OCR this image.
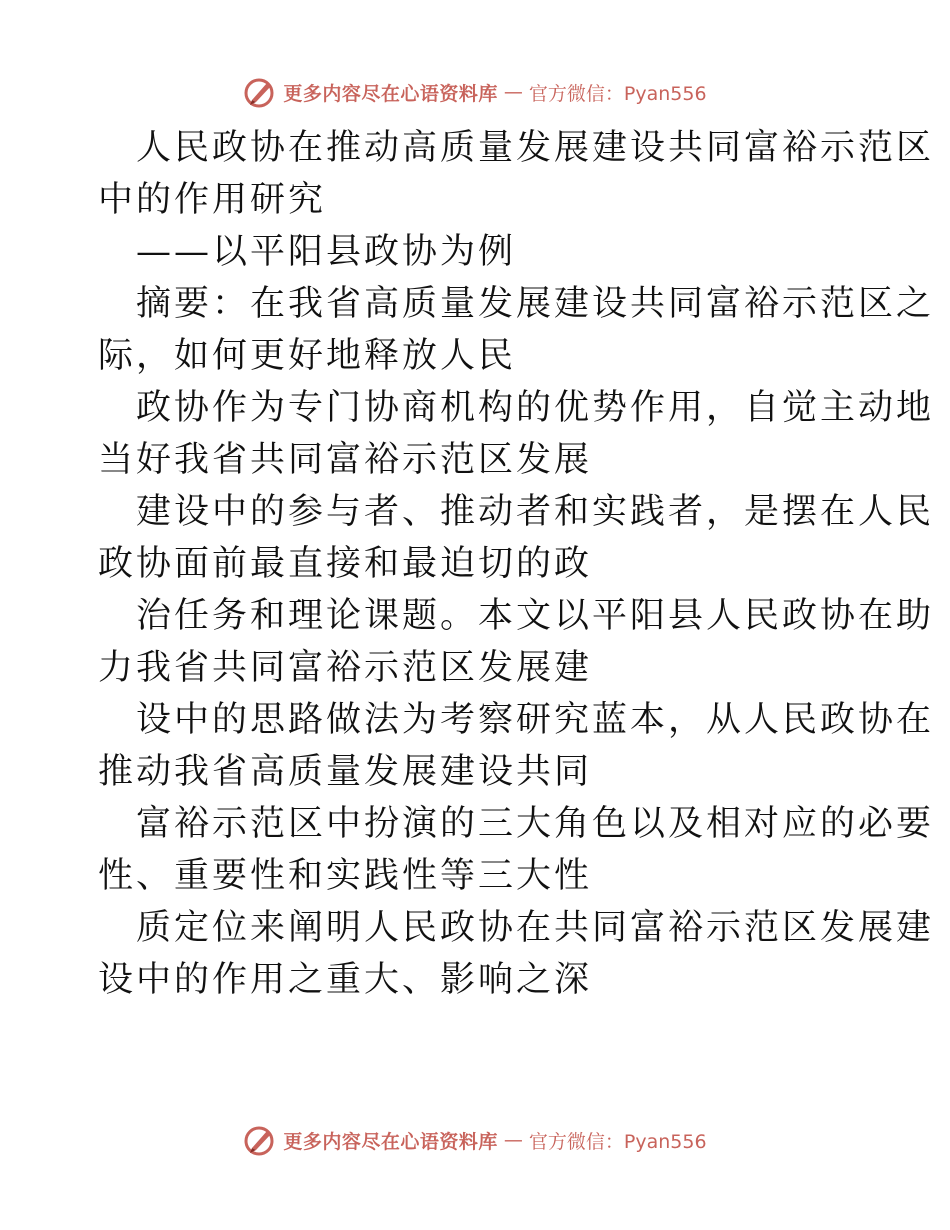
更多内容尽在心语资料库 — 官方微信：Pyan556
人民政协在推动高质量发展建设共同富裕示范区
中的作用研究
——以平阳县政协为例
摘要：在我省高质量发展建设共同富裕示范区之
际，如何更好地释放人民
政协作为专门协商机构的优势作用，自觉主动地
当好我省共同富裕示范区发展
建设中的参与者、推动者和实践者，是摆在人民
政协面前最直接和最迫切的政
治任务和理论课题。本文以平阳县人民政协在助
力我省共同富裕示范区发展建
设中的思路做法为考察研究蓝本，从人民政协在
推动我省高质量发展建设共同
富裕示范区中扮演的三大角色以及相对应的必要
性、重要性和实践性等三大性
质定位来阐明人民政协在共同富裕示范区发展建
设中的作用之重大、影响之深
更多内容尽在心语资料库 — 官方微信：Pyan556
